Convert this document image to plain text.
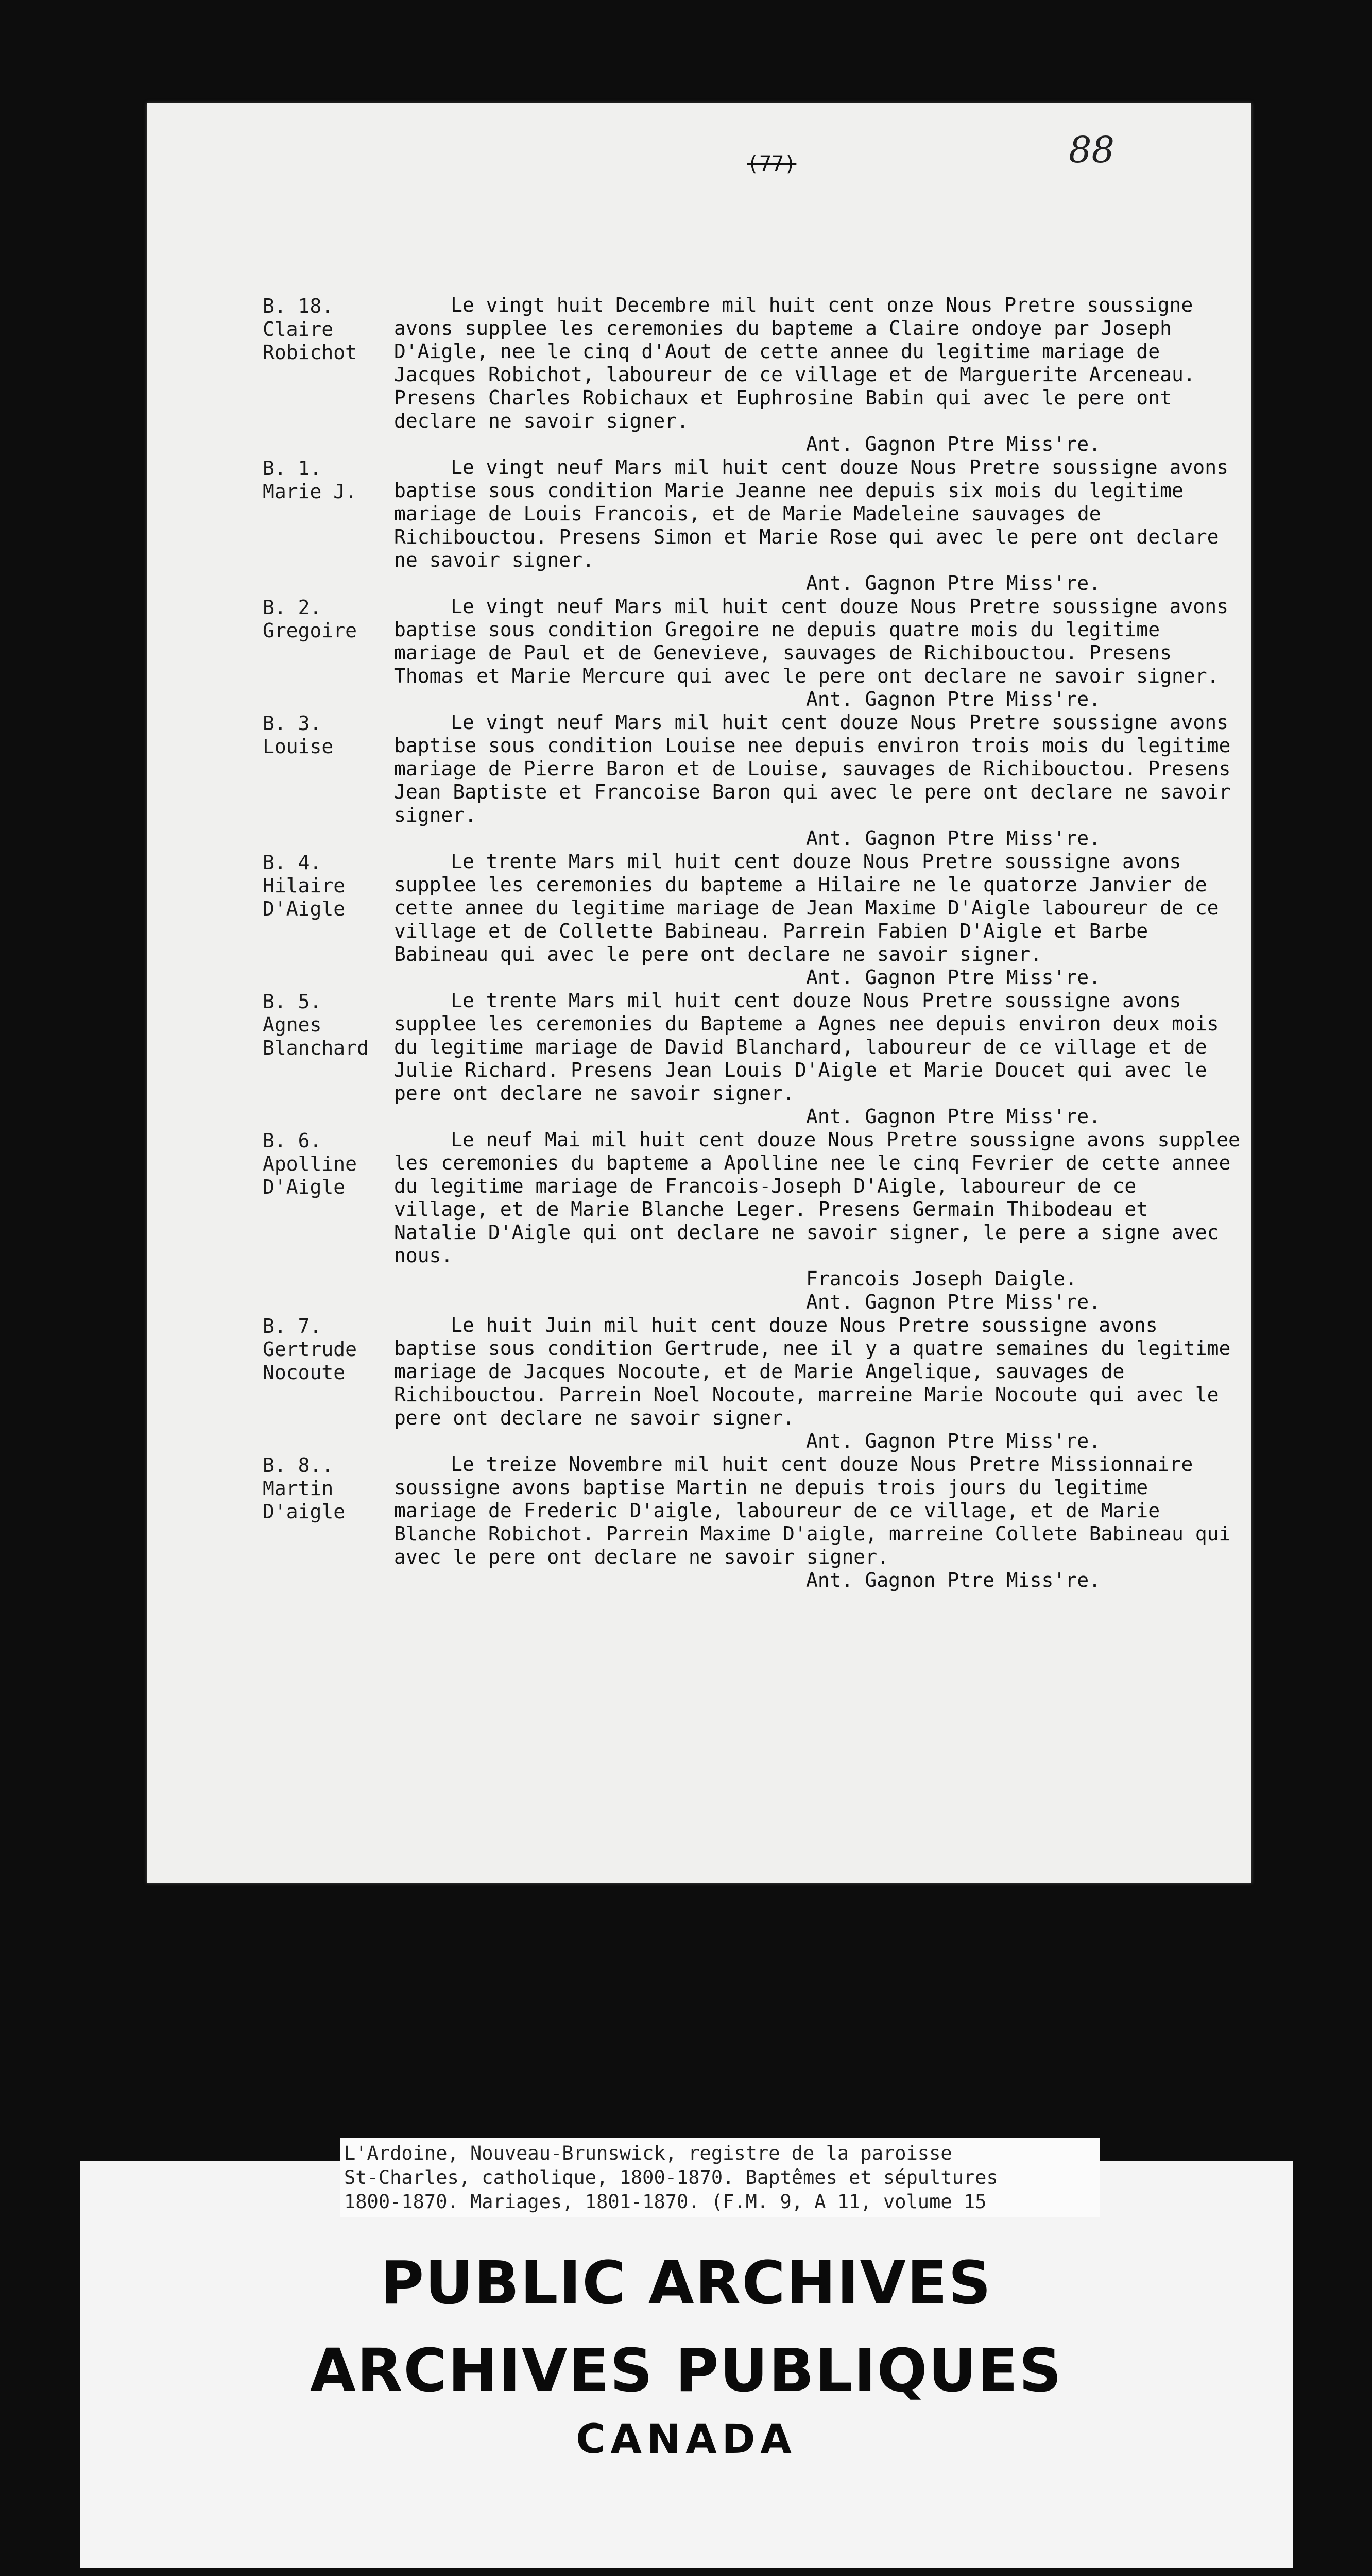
(77)	88
B. 18.
Claire
Robichot

Le vingt huit Decembre mil huit cent onze Nous Pretre soussigne avons supplee les ceremonies du bapteme a Claire ondoye par Joseph D'Aigle, nee le cinq d'Aout de cette annee du legitime mariage de Jacques Robichot, laboureur de ce village et de Marguerite Arceneau. Presens Charles Robichaux et Euphrosine Babin qui avec le pere ont declare ne savoir signer.

Ant. Gagnon Ptre Miss're.

B. 1.
Marie J.

Le vingt neuf Mars mil huit cent douze Nous Pretre soussigne avons baptise sous condition Marie Jeanne nee depuis six mois du legitime mariage de Louis Francois, et de Marie Madeleine sauvages de Richibouctou. Presens Simon et Marie Rose qui avec le pere ont declare ne savoir signer.

Ant. Gagnon Ptre Miss're.

B. 2.
Gregoire

Le vingt neuf Mars mil huit cent douze Nous Pretre soussigne avons baptise sous condition Gregoire ne depuis quatre mois du legitime mariage de Paul et de Genevieve, sauvages de Richibouctou. Presens Thomas et Marie Mercure qui avec le pere ont declare ne savoir signer.

Ant. Gagnon Ptre Miss're.

B. 3.
Louise

Le vingt neuf Mars mil huit cent douze Nous Pretre soussigne avons baptise sous condition Louise nee depuis environ trois mois du legitime mariage de Pierre Baron et de Louise, sauvages de Richibouctou. Presens Jean Baptiste et Francoise Baron qui avec le pere ont declare ne savoir signer.

Ant. Gagnon Ptre Miss're.

B. 4.
Hilaire
D'Aigle

Le trente Mars mil huit cent douze Nous Pretre soussigne avons supplee les ceremonies du bapteme a Hilaire ne le quatorze Janvier de cette annee du legitime mariage de Jean Maxime D'Aigle laboureur de ce village et de Collette Babineau. Parrein Fabien D'Aigle et Barbe Babineau qui avec le pere ont declare ne savoir signer.

Ant. Gagnon Ptre Miss're.

B. 5.
Agnes
Blanchard

Le trente Mars mil huit cent douze Nous Pretre soussigne avons supplee les ceremonies du Bapteme a Agnes nee depuis environ deux mois du legitime mariage de David Blanchard, laboureur de ce village et de Julie Richard. Presens Jean Louis D'Aigle et Marie Doucet qui avec le pere ont declare ne savoir signer.

Ant. Gagnon Ptre Miss're.

B. 6.
Apolline
D'Aigle

Le neuf Mai mil huit cent douze Nous Pretre soussigne avons supplee les ceremonies du bapteme a Apolline nee le cinq Fevrier de cette annee du legitime mariage de Francois-Joseph D'Aigle, laboureur de ce village, et de Marie Blanche Leger. Presens Germain Thibodeau et Natalie D'Aigle qui ont declare ne savoir signer, le pere a signe avec nous.

Francois Joseph Daigle.

Ant. Gagnon Ptre Miss're.

B. 7.
Gertrude
Nocoute

Le huit Juin mil huit cent douze Nous Pretre soussigne avons baptise sous condition Gertrude, nee il y a quatre semaines du legitime mariage de Jacques Nocoute, et de Marie Angelique, sauvages de Richibouctou. Parrein Noel Nocoute, marreine Marie Nocoute qui avec le pere ont declare ne savoir signer.

Ant. Gagnon Ptre Miss're.

B. 8..
Martin
D'aigle

Le treize Novembre mil huit cent douze Nous Pretre Missionnaire soussigne avons baptise Martin ne depuis trois jours du legitime mariage de Frederic D'aigle, laboureur de ce village, et de Marie Blanche Robichot. Parrein Maxime D'aigle, marreine Collete Babineau qui avec le pere ont declare ne savoir signer.

Ant. Gagnon Ptre Miss're.

L'Ardoine, Nouveau-Brunswick, registre de la paroisse
St-Charles, catholique, 1800-1870. Baptêmes et sépultures
1800-1870. Mariages, 1801-1870. (F.M. 9, A 11, volume 15
PUBLIC ARCHIVES
ARCHIVES PUBLIQUES
CANADA
